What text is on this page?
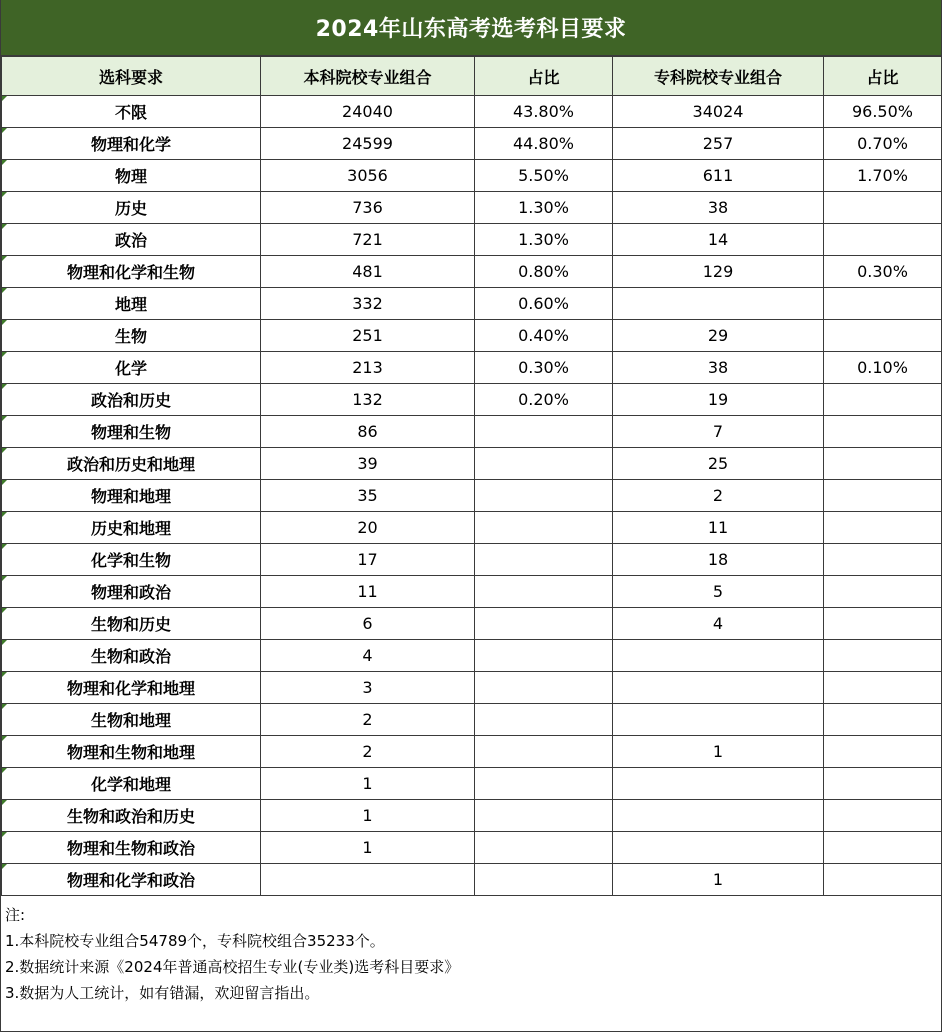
2024年山东高考选考科目要求
选科要求	本科院校专业组合	占比	专科院校专业组合	占比
不限	24040	43.80%	34024	96.50%
物理和化学	24599	44.80%	257	0.70%
物理	3056	5.50%	611	1.70%
历史	736	1.30%	38	
政治	721	1.30%	14	
物理和化学和生物	481	0.80%	129	0.30%
地理	332	0.60%		
生物	251	0.40%	29	
化学	213	0.30%	38	0.10%
政治和历史	132	0.20%	19	
物理和生物	86		7	
政治和历史和地理	39		25	
物理和地理	35		2	
历史和地理	20		11	
化学和生物	17		18	
物理和政治	11		5	
生物和历史	6		4	
生物和政治	4			
物理和化学和地理	3			
生物和地理	2			
物理和生物和地理	2		1	
化学和地理	1			
生物和政治和历史	1			
物理和生物和政治	1			
物理和化学和政治			1	
注:
1.本科院校专业组合54789个，专科院校组合35233个。
2.数据统计来源《2024年普通高校招生专业(专业类)选考科目要求》
3.数据为人工统计，如有错漏，欢迎留言指出。
